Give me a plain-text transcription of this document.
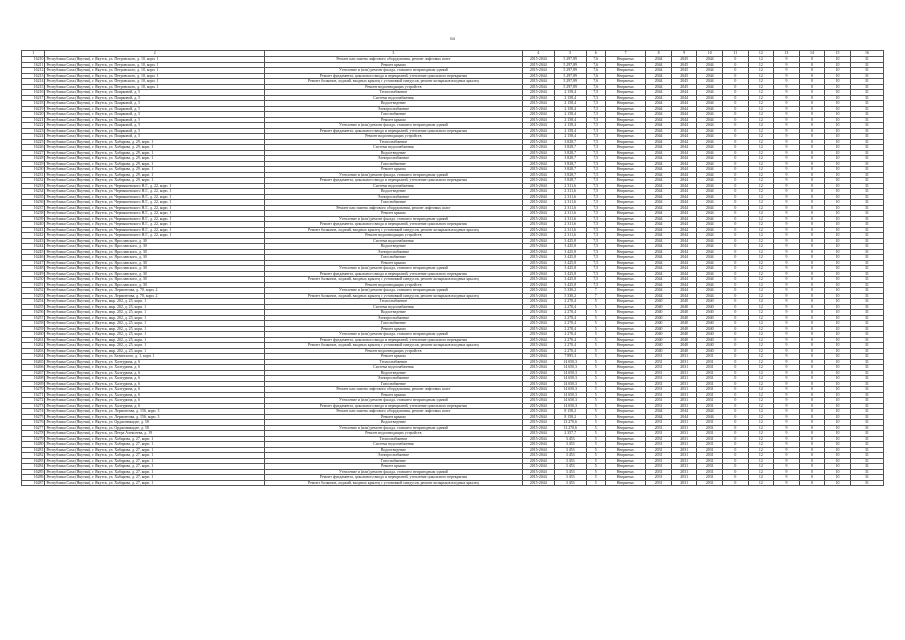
64
1	2	3	4	5	6	7	8	9	10	11	12	13	14	15	16
16210	Республика Саха (Якутия), г. Якутск, ул. Петровского, д. 10, корп. 1	Ремонт или замена лифтового оборудования, ремонт лифтовых шахт	2015-2044	5 297,89	7,6	Неприемл.	2044	2045	2044	0	12	9	0	10	31
16211	Республика Саха (Якутия), г. Якутск, ул. Петровского, д. 10, корп. 1	Ремонт крыши	2015-2044	5 297,89	7,6	Неприемл.	2044	2045	2044	0	12	9	0	10	31
16212	Республика Саха (Якутия), г. Якутск, ул. Петровского, д. 10, корп. 1	Утепление и (или) ремонт фасада, ставшего непригодным зданий	2015-2044	5 297,89	7,6	Неприемл.	2044	2045	2044	0	12	9	0	10	31
16213	Республика Саха (Якутия), г. Якутск, ул. Петровского, д. 10, корп. 1	Ремонт фундамента, цокольного ввода и перекрытий, утепление цокольного перекрытия	2015-2044	5 297,89	7,6	Неприемл.	2044	2045	2044	0	12	9	0	10	31
16214	Республика Саха (Якутия), г. Якутск, ул. Петровского, д. 10, корп. 1	Ремонт балконов, лоджий, входных крылец с установкой пандусов, ремонт козырьков входных крылец	2015-2044	5 297,89	7,6	Неприемл.	2044	2045	2044	0	12	9	0	10	31
16215	Республика Саха (Якутия), г. Якутск, ул. Петровского, д. 10, корп. 1	Ремонт водоотводящих устройств	2015-2044	5 297,89	7,6	Неприемл.	2044	2045	2044	0	12	9	0	10	31
16216	Республика Саха (Якутия), г. Якутск, ул. Поярковой, д. 5	Теплоснабжение	2015-2044	2 158,4	7,5	Неприемл.	2044	2044	2044	0	12	9	0	10	31
16217	Республика Саха (Якутия), г. Якутск, ул. Поярковой, д. 5	Система водоснабжения	2015-2044	2 158,4	7,5	Неприемл.	2044	2044	2044	0	12	9	0	10	31
16218	Республика Саха (Якутия), г. Якутск, ул. Поярковой, д. 5	Водоотведение	2015-2044	2 158,4	7,5	Неприемл.	2044	2044	2044	0	12	9	0	10	31
16219	Республика Саха (Якутия), г. Якутск, ул. Поярковой, д. 5	Электроснабжение	2015-2044	2 158,4	7,5	Неприемл.	2044	2044	2044	0	12	9	0	10	31
16220	Республика Саха (Якутия), г. Якутск, ул. Поярковой, д. 5	Газоснабжение	2015-2044	2 158,4	7,5	Неприемл.	2044	2044	2044	0	12	9	0	10	31
16221	Республика Саха (Якутия), г. Якутск, ул. Поярковой, д. 5	Ремонт крыши	2015-2044	2 158,4	7,5	Неприемл.	2044	2044	2044	0	12	9	0	10	31
16222	Республика Саха (Якутия), г. Якутск, ул. Поярковой, д. 5	Утепление и (или) ремонт фасада, ставшего непригодным зданий	2015-2044	2 158,4	7,5	Неприемл.	2044	2044	2044	0	12	9	0	10	31
16223	Республика Саха (Якутия), г. Якутск, ул. Поярковой, д. 5	Ремонт фундамента, цокольного ввода и перекрытий, утепление цокольного перекрытия	2015-2044	2 158,4	7,5	Неприемл.	2044	2044	2044	0	12	9	0	10	31
16224	Республика Саха (Якутия), г. Якутск, ул. Поярковой, д. 5	Ремонт водоотводящих устройств	2015-2044	2 158,4	7,5	Неприемл.	2044	2044	2044	0	12	9	0	10	31
16225	Республика Саха (Якутия), г. Якутск, ул. Хабарова, д. 29, корп. 1	Теплоснабжение	2015-2044	3 828,7	7,5	Неприемл.	2044	2044	2044	0	12	9	0	10	31
16226	Республика Саха (Якутия), г. Якутск, ул. Хабарова, д. 29, корп. 1	Система водоснабжения	2015-2044	3 828,7	7,5	Неприемл.	2044	2044	2044	0	12	9	0	10	31
16227	Республика Саха (Якутия), г. Якутск, ул. Хабарова, д. 29, корп. 1	Водоотведение	2015-2044	3 828,7	7,5	Неприемл.	2044	2044	2044	0	12	9	0	10	31
16228	Республика Саха (Якутия), г. Якутск, ул. Хабарова, д. 29, корп. 1	Электроснабжение	2015-2044	3 828,7	7,5	Неприемл.	2044	2044	2044	0	12	9	0	10	31
16229	Республика Саха (Якутия), г. Якутск, ул. Хабарова, д. 29, корп. 1	Газоснабжение	2015-2044	3 828,7	7,5	Неприемл.	2044	2044	2044	0	12	9	0	10	31
16230	Республика Саха (Якутия), г. Якутск, ул. Хабарова, д. 29, корп. 1	Ремонт крыши	2015-2044	3 828,7	7,5	Неприемл.	2044	2044	2044	0	12	9	0	10	31
16231	Республика Саха (Якутия), г. Якутск, ул. Хабарова, д. 29, корп. 1	Утепление и (или) ремонт фасада, ставшего непригодным зданий	2015-2044	3 828,7	7,5	Неприемл.	2044	2044	2044	0	12	9	0	10	31
16232	Республика Саха (Якутия), г. Якутск, ул. Хабарова, д. 29, корп. 1	Ремонт фундамента, цокольного ввода и перекрытий, утепление цокольного перекрытия	2015-2044	3 828,7	7,5	Неприемл.	2044	2044	2044	0	12	9	0	10	31
16233	Республика Саха (Якутия), г. Якутск, ул. Чернышевского Н.Г., д. 22, корп. 1	Система водоснабжения	2015-2044	2 311,6	7,5	Неприемл.	2044	2044	2044	0	12	9	0	10	31
16234	Республика Саха (Якутия), г. Якутск, ул. Чернышевского Н.Г., д. 22, корп. 1	Водоотведение	2015-2044	2 311,6	7,5	Неприемл.	2044	2044	2044	0	12	9	0	10	31
16235	Республика Саха (Якутия), г. Якутск, ул. Чернышевского Н.Г., д. 22, корп. 1	Электроснабжение	2015-2044	2 311,6	7,5	Неприемл.	2044	2044	2044	0	12	9	0	10	31
16236	Республика Саха (Якутия), г. Якутск, ул. Чернышевского Н.Г., д. 22, корп. 1	Газоснабжение	2015-2044	2 311,6	7,5	Неприемл.	2044	2044	2044	0	12	9	0	10	31
16237	Республика Саха (Якутия), г. Якутск, ул. Чернышевского Н.Г., д. 22, корп. 1	Ремонт или замена лифтового оборудования, ремонт лифтовых шахт	2015-2044	2 311,6	7,5	Неприемл.	2044	2044	2044	0	12	9	0	10	31
16238	Республика Саха (Якутия), г. Якутск, ул. Чернышевского Н.Г., д. 22, корп. 1	Ремонт крыши	2015-2044	2 311,6	7,5	Неприемл.	2044	2044	2044	0	12	9	0	10	31
16239	Республика Саха (Якутия), г. Якутск, ул. Чернышевского Н.Г., д. 22, корп. 1	Утепление и (или) ремонт фасада, ставшего непригодным зданий	2015-2044	2 311,6	7,5	Неприемл.	2044	2044	2044	0	12	9	0	10	31
16240	Республика Саха (Якутия), г. Якутск, ул. Чернышевского Н.Г., д. 22, корп. 1	Ремонт фундамента, цокольного ввода и перекрытий, утепление цокольного перекрытия	2015-2044	2 311,6	7,5	Неприемл.	2044	2044	2044	0	12	9	0	10	31
16241	Республика Саха (Якутия), г. Якутск, ул. Чернышевского Н.Г., д. 22, корп. 1	Ремонт балконов, лоджий, входных крылец с установкой пандусов, ремонт козырьков входных крылец	2015-2044	2 311,6	7,5	Неприемл.	2044	2044	2044	0	12	9	0	10	31
16242	Республика Саха (Якутия), г. Якутск, ул. Чернышевского Н.Г., д. 22, корп. 1	Ремонт водоотводящих устройств	2015-2044	2 311,6	7,5	Неприемл.	2044	2044	2044	0	12	9	0	10	31
16243	Республика Саха (Якутия), г. Якутск, ул. Ярославского, д. 30	Система водоснабжения	2015-2044	3 425,8	7,5	Неприемл.	2044	2044	2044	0	12	9	0	10	31
16244	Республика Саха (Якутия), г. Якутск, ул. Ярославского, д. 30	Водоотведение	2015-2044	3 425,8	7,5	Неприемл.	2044	2044	2044	0	12	9	0	10	31
16245	Республика Саха (Якутия), г. Якутск, ул. Ярославского, д. 30	Электроснабжение	2015-2044	3 425,8	7,5	Неприемл.	2044	2044	2044	0	12	9	0	10	31
16246	Республика Саха (Якутия), г. Якутск, ул. Ярославского, д. 30	Газоснабжение	2015-2044	3 425,8	7,5	Неприемл.	2044	2044	2044	0	12	9	0	10	31
16247	Республика Саха (Якутия), г. Якутск, ул. Ярославского, д. 30	Ремонт крыши	2015-2044	3 425,8	7,5	Неприемл.	2044	2044	2044	0	12	9	0	10	31
16248	Республика Саха (Якутия), г. Якутск, ул. Ярославского, д. 30	Утепление и (или) ремонт фасада, ставшего непригодным зданий	2015-2044	3 425,8	7,5	Неприемл.	2044	2044	2044	0	12	9	0	10	31
16249	Республика Саха (Якутия), г. Якутск, ул. Ярославского, д. 30	Ремонт фундамента, цокольного ввода и перекрытий, утепление цокольного перекрытия	2015-2044	3 425,8	7,5	Неприемл.	2044	2044	2044	0	12	9	0	10	31
16250	Республика Саха (Якутия), г. Якутск, ул. Ярославского, д. 30	Ремонт балконов, лоджий, входных крылец с установкой пандусов, ремонт козырьков входных крылец	2015-2044	3 425,8	7,5	Неприемл.	2044	2044	2044	0	12	9	0	10	31
16251	Республика Саха (Якутия), г. Якутск, ул. Ярославского, д. 30	Ремонт водоотводящих устройств	2015-2044	3 425,8	7,5	Неприемл.	2044	2044	2044	0	12	9	0	10	31
16252	Республика Саха (Якутия), г. Якутск, ул. Лермонтова, д. 70, корп. 2	Утепление и (или) ремонт фасада, ставшего непригодным зданий	2015-2044	5 330,2	7	Неприемл.	2044	2044	2044	0	12	9	0	10	31
16253	Республика Саха (Якутия), г. Якутск, ул. Лермонтова, д. 70, корп. 2	Ремонт балконов, лоджий, входных крылец с установкой пандусов, ремонт козырьков входных крылец	2015-2044	5 330,2	7	Неприемл.	2044	2044	2044	0	12	9	0	10	31
16254	Республика Саха (Якутия), г. Якутск, мкр. 202, д. 25, корп. 1	Теплоснабжение	2015-2044	2 270,4	5	Неприемл.	2040	2040	2040	0	12	9	0	10	31
16255	Республика Саха (Якутия), г. Якутск, мкр. 202, д. 25, корп. 1	Система водоснабжения	2015-2044	2 270,4	5	Неприемл.	2040	2040	2040	0	12	9	0	10	31
16256	Республика Саха (Якутия), г. Якутск, мкр. 202, д. 25, корп. 1	Водоотведение	2015-2044	2 270,4	5	Неприемл.	2040	2040	2040	0	12	9	0	10	31
16257	Республика Саха (Якутия), г. Якутск, мкр. 202, д. 25, корп. 1	Электроснабжение	2015-2044	2 270,4	5	Неприемл.	2040	2040	2040	0	12	9	0	10	31
16258	Республика Саха (Якутия), г. Якутск, мкр. 202, д. 25, корп. 1	Газоснабжение	2015-2044	2 270,4	5	Неприемл.	2040	2040	2040	0	12	9	0	10	31
16259	Республика Саха (Якутия), г. Якутск, мкр. 202, д. 25, корп. 1	Ремонт крыши	2015-2044	2 270,4	5	Неприемл.	2040	2040	2040	0	12	9	0	10	31
16260	Республика Саха (Якутия), г. Якутск, мкр. 202, д. 25, корп. 1	Утепление и (или) ремонт фасада, ставшего непригодным зданий	2015-2044	2 270,4	5	Неприемл.	2040	2040	2040	0	12	9	0	10	31
16261	Республика Саха (Якутия), г. Якутск, мкр. 202, д. 25, корп. 1	Ремонт фундамента, цокольного ввода и перекрытий, утепление цокольного перекрытия	2015-2044	2 270,4	5	Неприемл.	2040	2040	2040	0	12	9	0	10	31
16262	Республика Саха (Якутия), г. Якутск, мкр. 202, д. 25, корп. 1	Ремонт балконов, лоджий, входных крылец с установкой пандусов, ремонт козырьков входных крылец	2015-2044	2 270,4	5	Неприемл.	2040	2040	2040	0	12	9	0	10	31
16263	Республика Саха (Якутия), г. Якутск, мкр. 202, д. 25, корп. 1	Ремонт водоотводящих устройств	2015-2044	2 270,4	5	Неприемл.	2040	2040	2040	0	12	9	0	10	31
16264	Республика Саха (Якутия), г. Якутск, ул. Белинского, д. 1, корп. 1	Ремонт крыши	2015-2044	7 895,3	5	Неприемл.	2031	2031	2031	0	12	9	0	10	31
16265	Республика Саха (Якутия), г. Якутск, ул. Халтурина, д. 6	Теплоснабжение	2015-2044	14 650,3	5	Неприемл.	2031	2031	2031	0	12	9	0	10	31
16266	Республика Саха (Якутия), г. Якутск, ул. Халтурина, д. 6	Система водоснабжения	2015-2044	14 650,3	5	Неприемл.	2031	2031	2031	0	12	9	0	10	31
16267	Республика Саха (Якутия), г. Якутск, ул. Халтурина, д. 6	Водоотведение	2015-2044	14 650,3	5	Неприемл.	2031	2031	2031	0	12	9	0	10	31
16268	Республика Саха (Якутия), г. Якутск, ул. Халтурина, д. 6	Электроснабжение	2015-2044	14 650,3	5	Неприемл.	2031	2031	2031	0	12	9	0	10	31
16269	Республика Саха (Якутия), г. Якутск, ул. Халтурина, д. 6	Газоснабжение	2015-2044	14 650,3	5	Неприемл.	2031	2031	2031	0	12	9	0	10	31
16270	Республика Саха (Якутия), г. Якутск, ул. Халтурина, д. 6	Ремонт или замена лифтового оборудования, ремонт лифтовых шахт	2015-2044	14 650,3	5	Неприемл.	2031	2031	2031	0	12	9	0	10	31
16271	Республика Саха (Якутия), г. Якутск, ул. Халтурина, д. 6	Ремонт крыши	2015-2044	14 650,3	5	Неприемл.	2031	2031	2031	0	12	9	0	10	31
16272	Республика Саха (Якутия), г. Якутск, ул. Халтурина, д. 6	Утепление и (или) ремонт фасада, ставшего непригодным зданий	2015-2044	14 650,3	5	Неприемл.	2031	2031	2031	0	12	9	0	10	31
16273	Республика Саха (Якутия), г. Якутск, ул. Халтурина, д. 6	Ремонт фундамента, цокольного ввода и перекрытий, утепление цокольного перекрытия	2015-2044	14 650,3	5	Неприемл.	2031	2031	2031	0	12	9	0	10	31
16274	Республика Саха (Якутия), г. Якутск, ул. Лермонтова, д. 156, корп. 3	Ремонт или замена лифтового оборудования, ремонт лифтовых шахт	2015-2044	8 158,2	5	Неприемл.	2044	2044	2044	0	12	9	0	10	31
16275	Республика Саха (Якутия), г. Якутск, ул. Лермонтова, д. 156, корп. 3	Ремонт крыши	2015-2044	8 158,2	5	Неприемл.	2044	2044	2044	0	12	9	0	10	31
16276	Республика Саха (Якутия), г. Якутск, ул. Орджоникидзе, д. 58	Водоотведение	2015-2044	13 270,6	5	Неприемл.	2031	2031	2031	0	12	9	0	10	31
16277	Республика Саха (Якутия), г. Якутск, ул. Орджоникидзе, д. 58	Утепление и (или) ремонт фасада, ставшего непригодным зданий	2015-2044	13 270,6	5	Неприемл.	2031	2031	2031	0	12	9	0	10	31
16278	Республика Саха (Якутия), г. Якутск, ул. Петра Алексеева, д. 19	Ремонт водоотводящих устройств	2015-2044	2 357,7	5	Неприемл.	2031	2031	2031	0	12	9	0	10	31
16279	Республика Саха (Якутия), г. Якутск, ул. Хабарова, д. 27, корп. 1	Теплоснабжение	2015-2044	3 453	5	Неприемл.	2031	2031	2031	0	12	9	0	10	31
16280	Республика Саха (Якутия), г. Якутск, ул. Хабарова, д. 27, корп. 1	Система водоснабжения	2015-2044	3 453	5	Неприемл.	2031	2031	2031	0	12	9	0	10	31
16281	Республика Саха (Якутия), г. Якутск, ул. Хабарова, д. 27, корп. 1	Водоотведение	2015-2044	3 453	5	Неприемл.	2031	2031	2031	0	12	9	0	10	31
16282	Республика Саха (Якутия), г. Якутск, ул. Хабарова, д. 27, корп. 1	Электроснабжение	2015-2044	3 453	5	Неприемл.	2031	2031	2031	0	12	9	0	10	31
16283	Республика Саха (Якутия), г. Якутск, ул. Хабарова, д. 27, корп. 1	Газоснабжение	2015-2044	3 453	5	Неприемл.	2031	2031	2031	0	12	9	0	10	31
16284	Республика Саха (Якутия), г. Якутск, ул. Хабарова, д. 27, корп. 1	Ремонт крыши	2015-2044	3 453	5	Неприемл.	2031	2031	2031	0	12	9	0	10	31
16285	Республика Саха (Якутия), г. Якутск, ул. Хабарова, д. 27, корп. 1	Утепление и (или) ремонт фасада, ставшего непригодным зданий	2015-2044	3 453	5	Неприемл.	2031	2031	2031	0	12	9	0	10	31
16286	Республика Саха (Якутия), г. Якутск, ул. Хабарова, д. 27, корп. 1	Ремонт фундамента, цокольного ввода и перекрытий, утепление цокольного перекрытия	2015-2044	3 453	5	Неприемл.	2031	2031	2031	0	12	9	0	10	31
16287	Республика Саха (Якутия), г. Якутск, ул. Хабарова, д. 27, корп. 1	Ремонт балконов, лоджий, входных крылец с установкой пандусов, ремонт козырьков входных крылец	2015-2044	3 453	5	Неприемл.	2031	2031	2031	0	12	9	0	10	31
